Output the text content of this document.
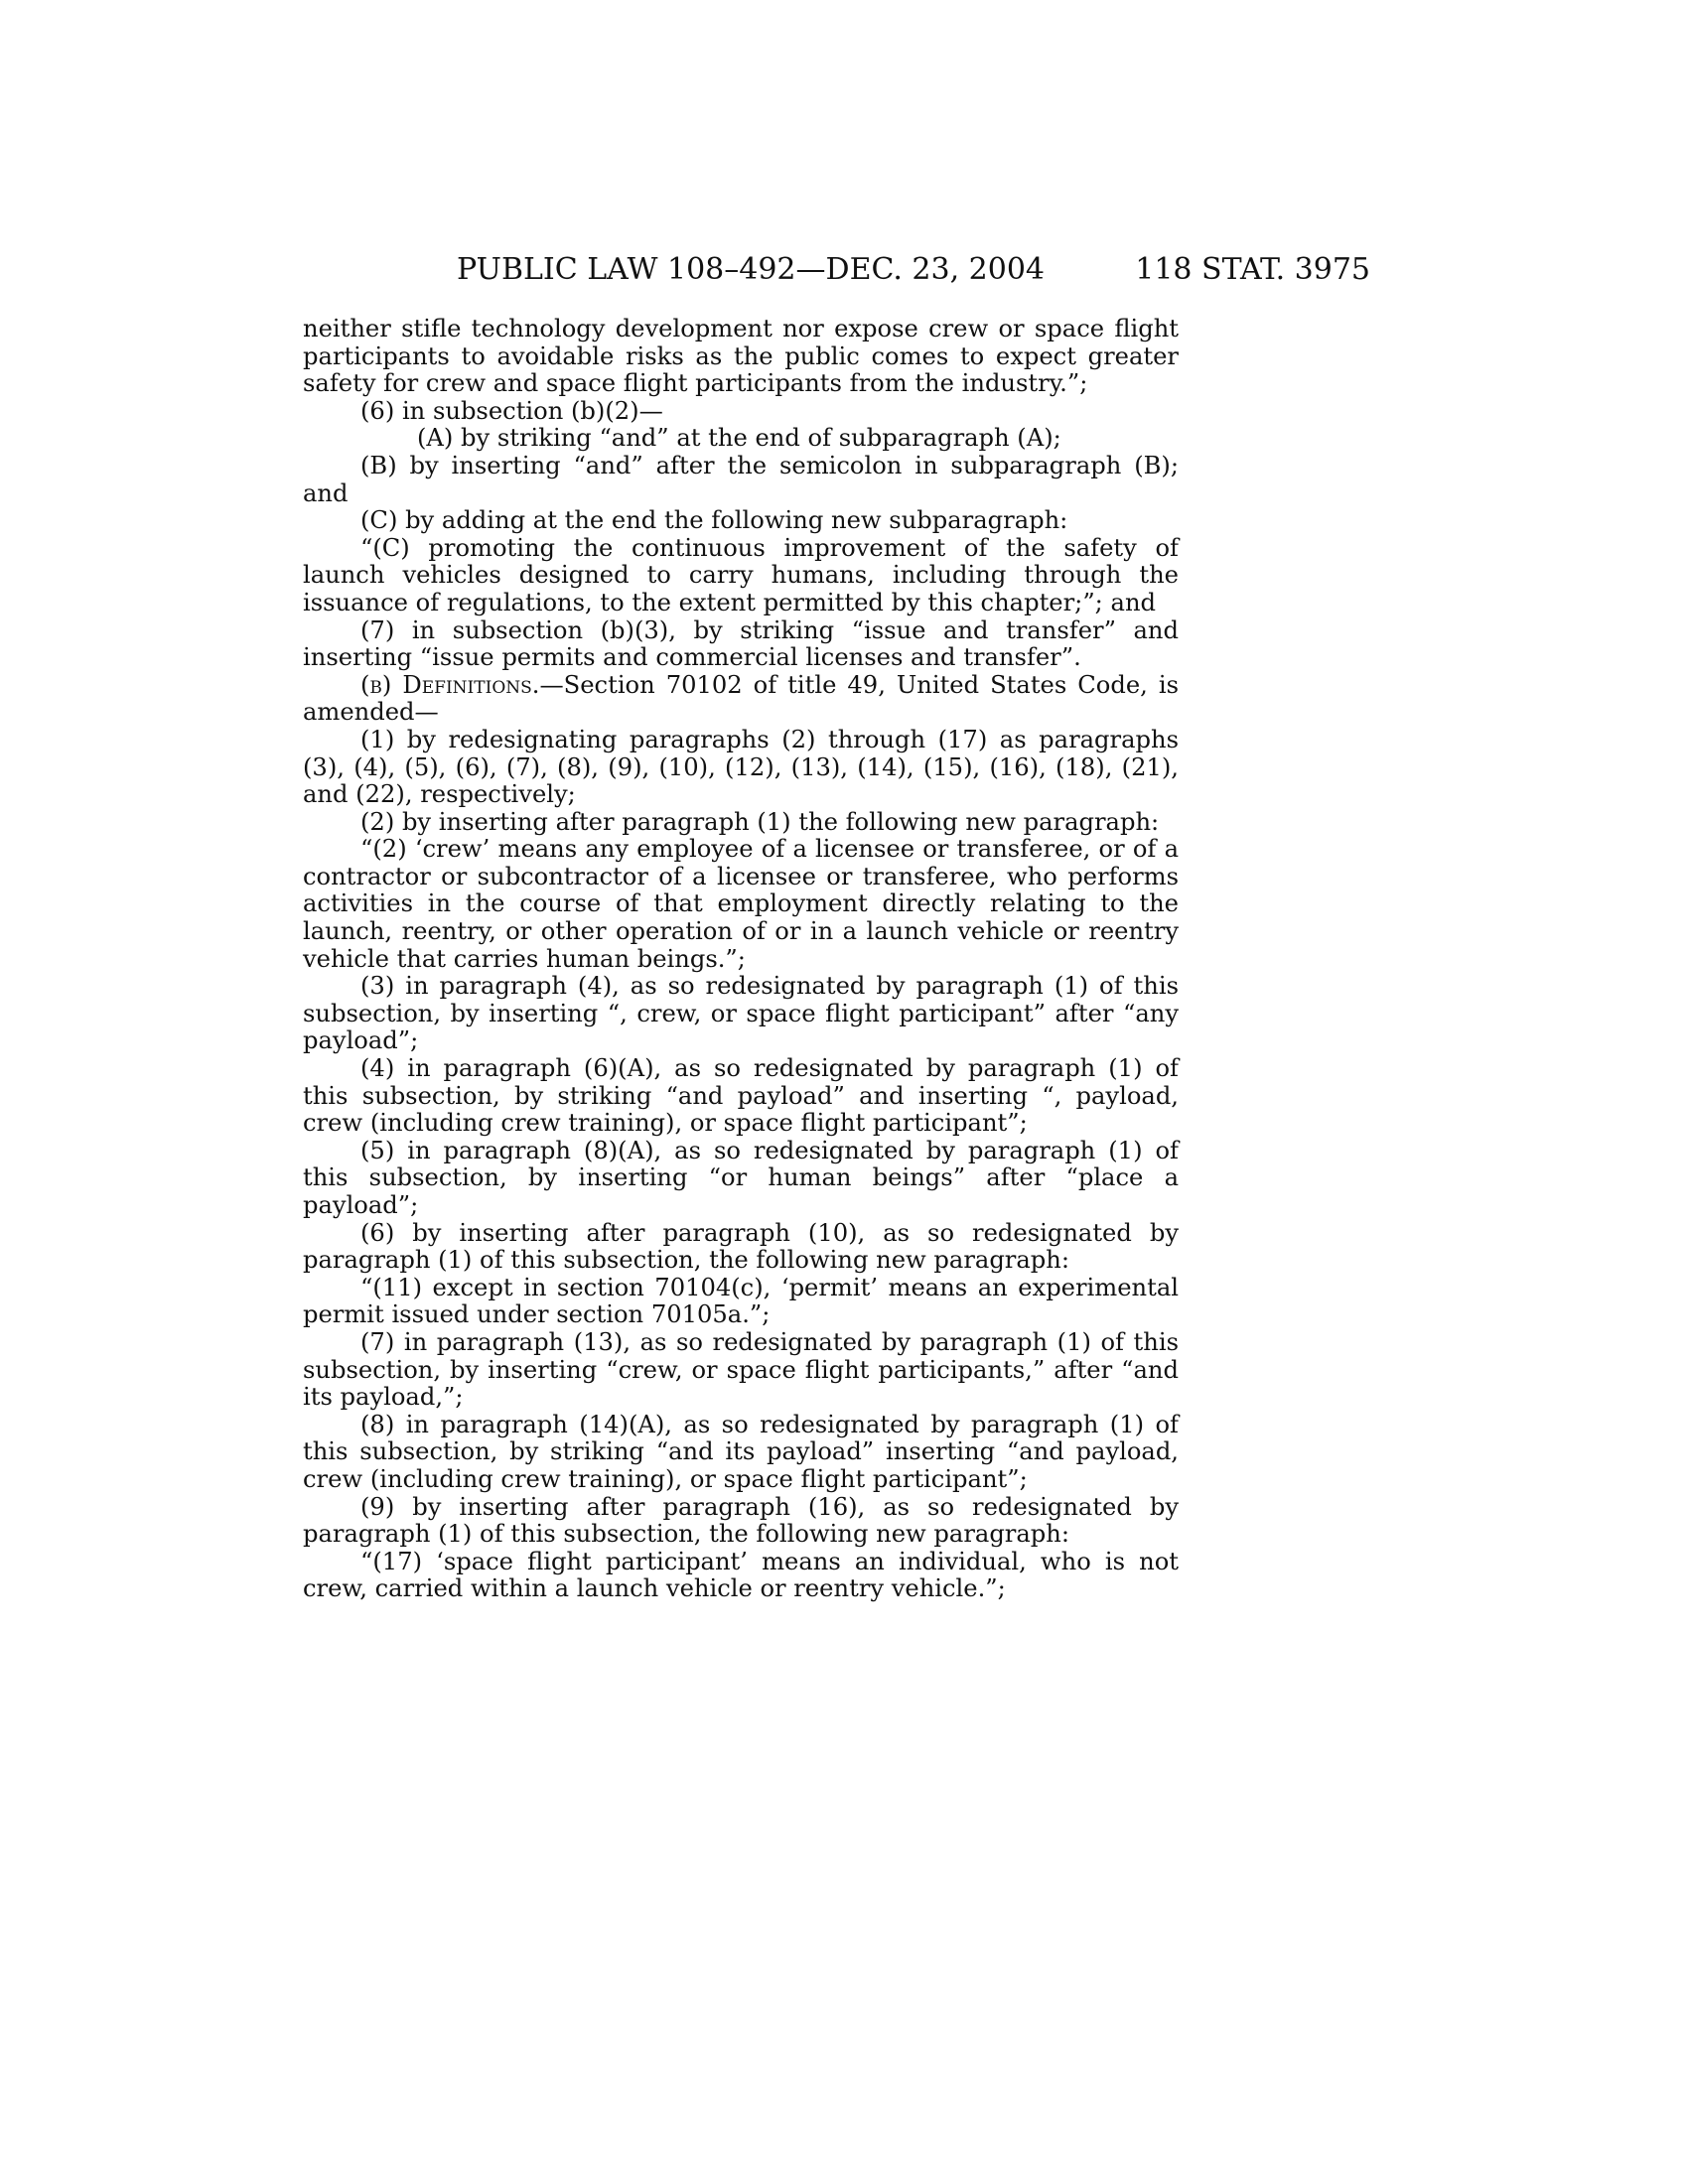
PUBLIC LAW 108–492—DEC. 23, 2004	118 STAT. 3975

neither stifle technology development nor expose crew or space flight participants to avoidable risks as the public comes to expect greater safety for crew and space flight participants from the industry.”;

(6) in subsection (b)(2)—

(A) by striking “and” at the end of subparagraph (A);

(B) by inserting “and” after the semicolon in subparagraph (B); and

(C) by adding at the end the following new subparagraph:

“(C) promoting the continuous improvement of the safety of launch vehicles designed to carry humans, including through the issuance of regulations, to the extent permitted by this chapter;”; and

(7) in subsection (b)(3), by striking “issue and transfer” and inserting “issue permits and commercial licenses and transfer”.

(b) Definitions.—Section 70102 of title 49, United States Code, is amended—

(1) by redesignating paragraphs (2) through (17) as paragraphs (3), (4), (5), (6), (7), (8), (9), (10), (12), (13), (14), (15), (16), (18), (21), and (22), respectively;

(2) by inserting after paragraph (1) the following new paragraph:

“(2) ‘crew’ means any employee of a licensee or transferee, or of a contractor or subcontractor of a licensee or transferee, who performs activities in the course of that employment directly relating to the launch, reentry, or other operation of or in a launch vehicle or reentry vehicle that carries human beings.”;

(3) in paragraph (4), as so redesignated by paragraph (1) of this subsection, by inserting “, crew, or space flight participant” after “any payload”;

(4) in paragraph (6)(A), as so redesignated by paragraph (1) of this subsection, by striking “and payload” and inserting “, payload, crew (including crew training), or space flight participant”;

(5) in paragraph (8)(A), as so redesignated by paragraph (1) of this subsection, by inserting “or human beings” after “place a payload”;

(6) by inserting after paragraph (10), as so redesignated by paragraph (1) of this subsection, the following new paragraph:

“(11) except in section 70104(c), ‘permit’ means an experimental permit issued under section 70105a.”;

(7) in paragraph (13), as so redesignated by paragraph (1) of this subsection, by inserting “crew, or space flight participants,” after “and its payload,”;

(8) in paragraph (14)(A), as so redesignated by paragraph (1) of this subsection, by striking “and its payload” inserting “and payload, crew (including crew training), or space flight participant”;

(9) by inserting after paragraph (16), as so redesignated by paragraph (1) of this subsection, the following new paragraph:

“(17) ‘space flight participant’ means an individual, who is not crew, carried within a launch vehicle or reentry vehicle.”;
